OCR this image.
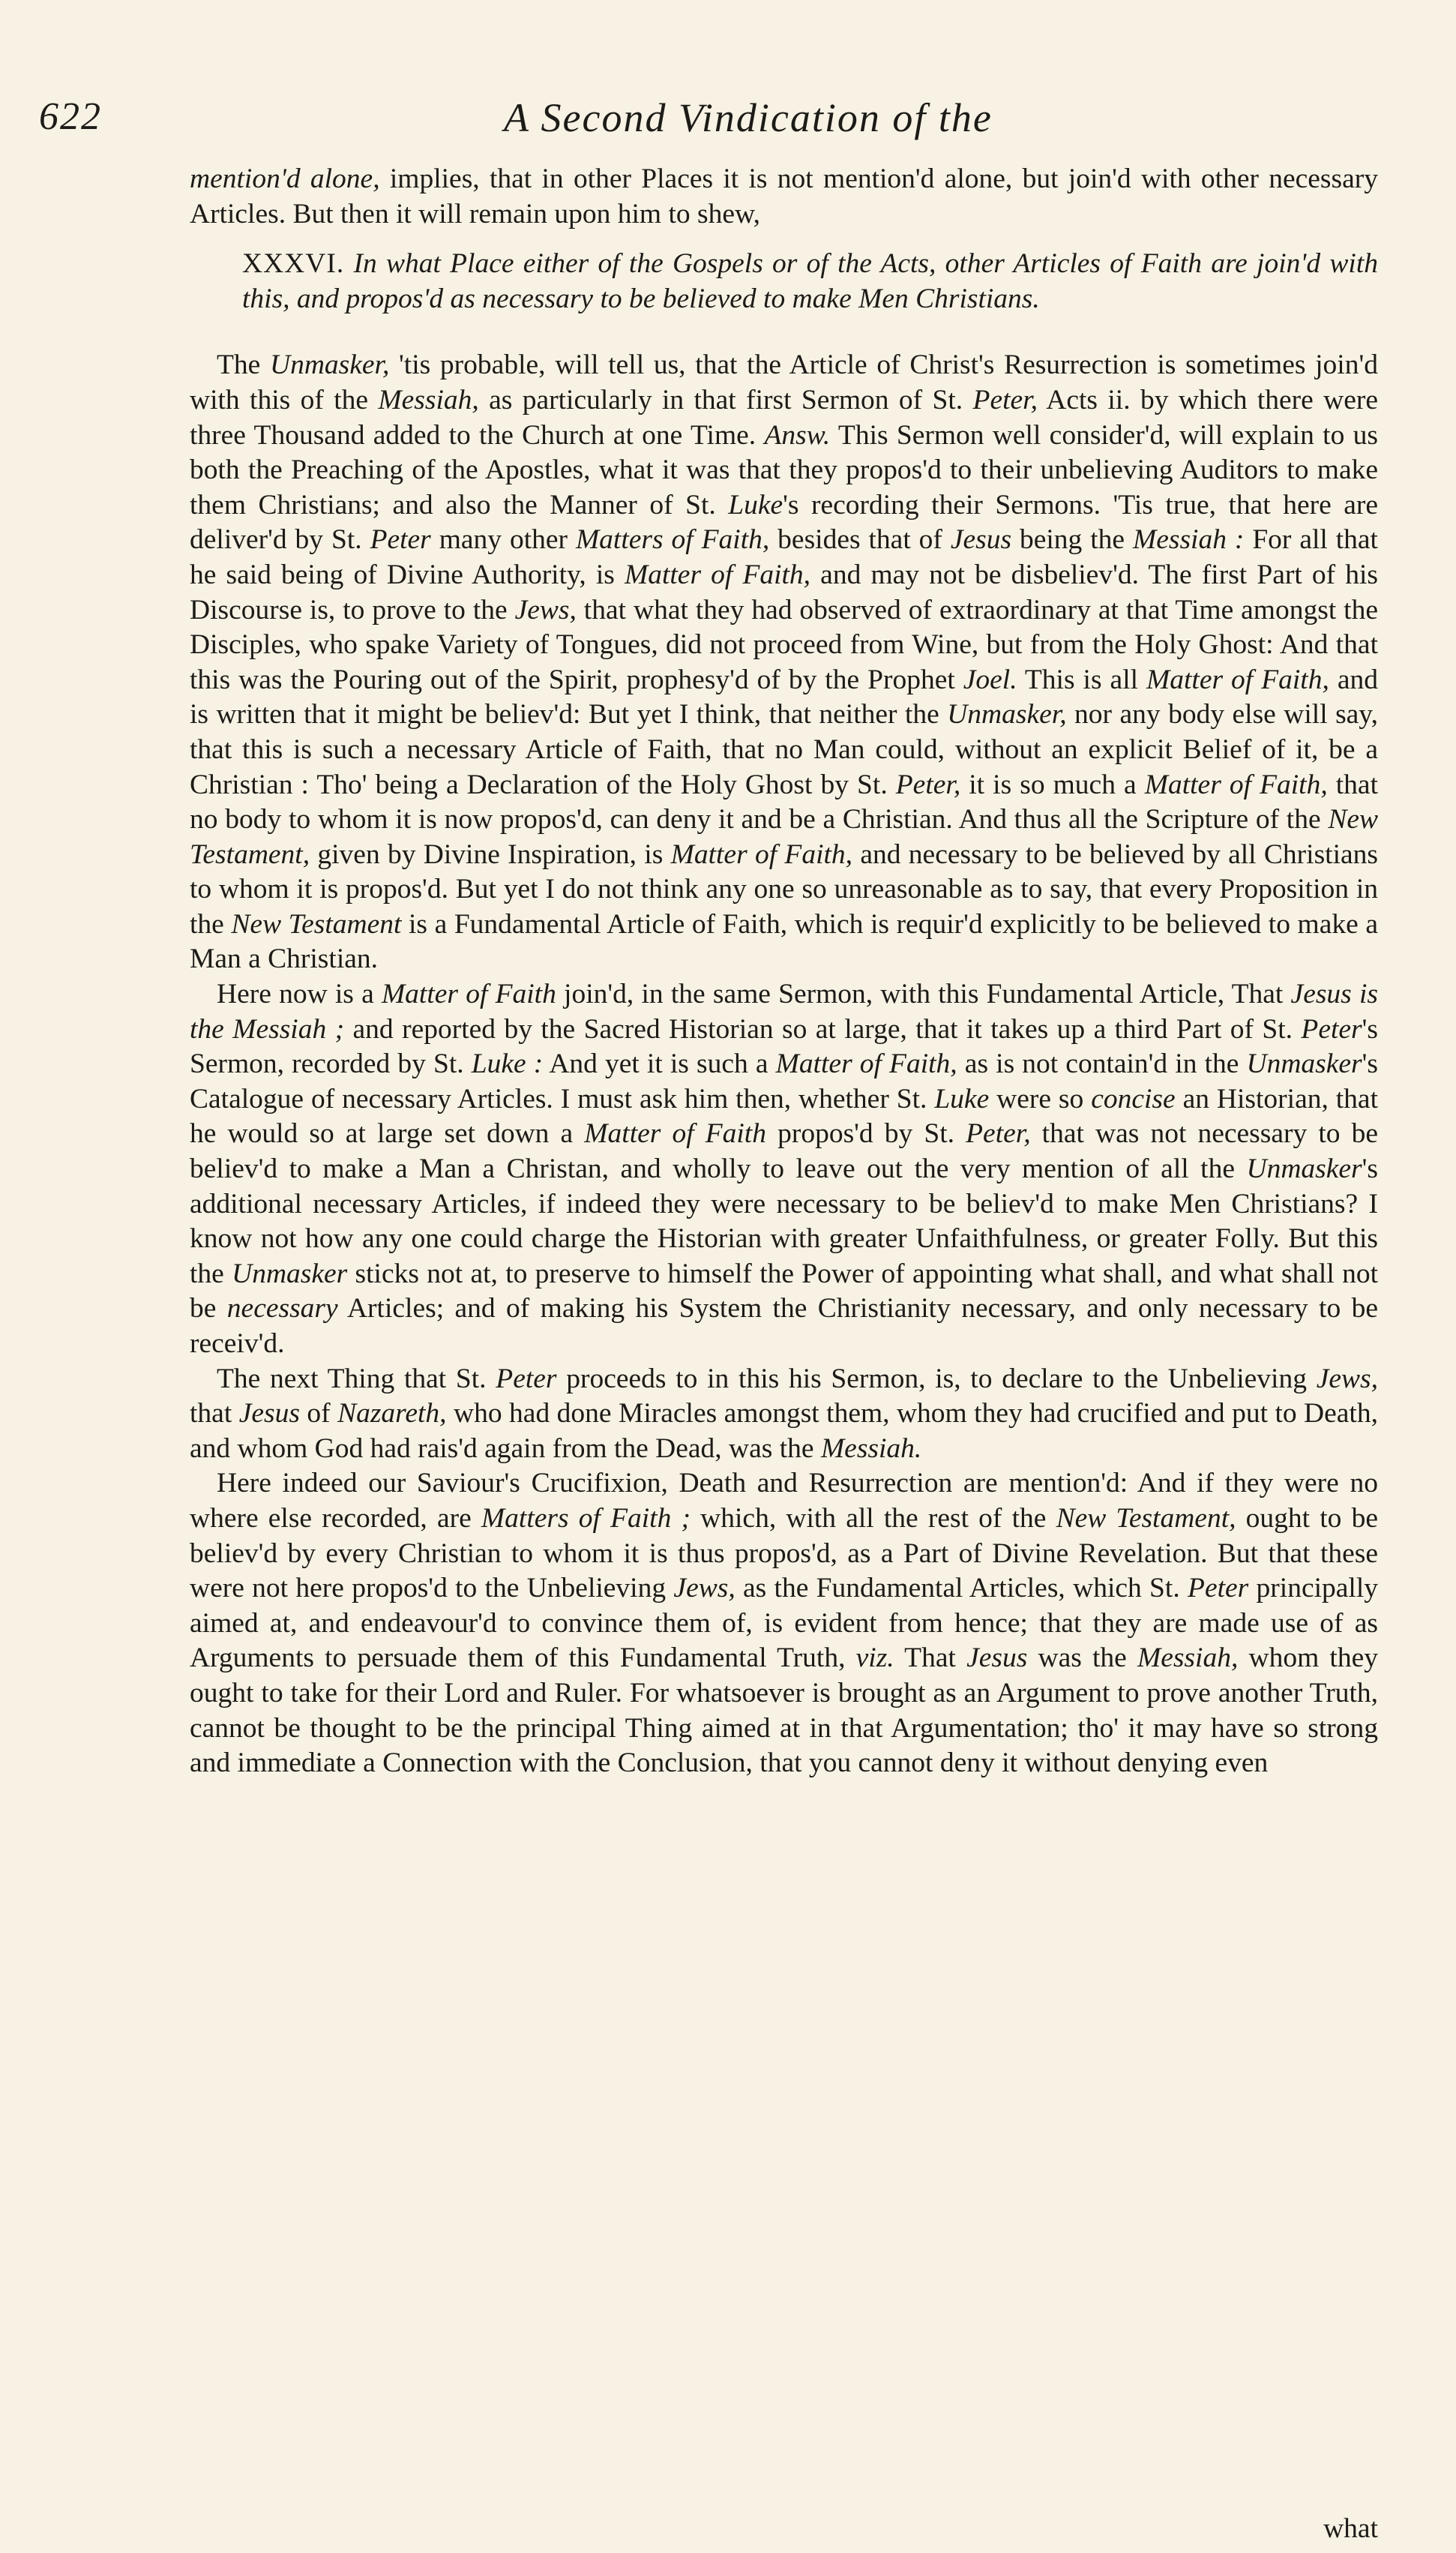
622	A Second Vindication of the

mention'd alone, implies, that in other Places it is not mention'd alone, but join'd with other necessary Articles. But then it will remain upon him to shew,

XXXVI. In what Place either of the Gospels or of the Acts, other Articles of Faith are join'd with this, and propos'd as necessary to be believed to make Men Christians.

The Unmasker, 'tis probable, will tell us, that the Article of Christ's Resurrection is sometimes join'd with this of the Messiah, as particularly in that first Sermon of St. Peter, Acts ii. by which there were three Thousand added to the Church at one Time. Answ. This Sermon well consider'd, will explain to us both the Preaching of the Apostles, what it was that they propos'd to their unbelieving Auditors to make them Christians; and also the Manner of St. Luke's recording their Sermons. 'Tis true, that here are deliver'd by St. Peter many other Matters of Faith, besides that of Jesus being the Messiah : For all that he said being of Divine Authority, is Matter of Faith, and may not be disbeliev'd. The first Part of his Discourse is, to prove to the Jews, that what they had observed of extraordinary at that Time amongst the Disciples, who spake Variety of Tongues, did not proceed from Wine, but from the Holy Ghost: And that this was the Pouring out of the Spirit, prophesy'd of by the Prophet Joel. This is all Matter of Faith, and is written that it might be believ'd: But yet I think, that neither the Unmasker, nor any body else will say, that this is such a necessary Article of Faith, that no Man could, without an explicit Belief of it, be a Christian : Tho' being a Declaration of the Holy Ghost by St. Peter, it is so much a Matter of Faith, that no body to whom it is now propos'd, can deny it and be a Christian. And thus all the Scripture of the New Testament, given by Divine Inspiration, is Matter of Faith, and necessary to be believed by all Christians to whom it is propos'd. But yet I do not think any one so unreasonable as to say, that every Proposition in the New Testament is a Fundamental Article of Faith, which is requir'd explicitly to be believed to make a Man a Christian.

Here now is a Matter of Faith join'd, in the same Sermon, with this Fundamental Article, That Jesus is the Messiah ; and reported by the Sacred Historian so at large, that it takes up a third Part of St. Peter's Sermon, recorded by St. Luke : And yet it is such a Matter of Faith, as is not contain'd in the Unmasker's Catalogue of necessary Articles. I must ask him then, whether St. Luke were so concise an Historian, that he would so at large set down a Matter of Faith propos'd by St. Peter, that was not necessary to be believ'd to make a Man a Christan, and wholly to leave out the very mention of all the Unmasker's additional necessary Articles, if indeed they were necessary to be believ'd to make Men Christians? I know not how any one could charge the Historian with greater Unfaithfulness, or greater Folly. But this the Unmasker sticks not at, to preserve to himself the Power of appointing what shall, and what shall not be necessary Articles; and of making his System the Christianity necessary, and only necessary to be receiv'd.

The next Thing that St. Peter proceeds to in this his Sermon, is, to declare to the Unbelieving Jews, that Jesus of Nazareth, who had done Miracles amongst them, whom they had crucified and put to Death, and whom God had rais'd again from the Dead, was the Messiah.

Here indeed our Saviour's Crucifixion, Death and Resurrection are mention'd: And if they were no where else recorded, are Matters of Faith ; which, with all the rest of the New Testament, ought to be believ'd by every Christian to whom it is thus propos'd, as a Part of Divine Revelation. But that these were not here propos'd to the Unbelieving Jews, as the Fundamental Articles, which St. Peter principally aimed at, and endeavour'd to convince them of, is evident from hence; that they are made use of as Arguments to persuade them of this Fundamental Truth, viz. That Jesus was the Messiah, whom they ought to take for their Lord and Ruler. For whatsoever is brought as an Argument to prove another Truth, cannot be thought to be the principal Thing aimed at in that Argumentation; tho' it may have so strong and immediate a Connection with the Conclusion, that you cannot deny it without denying even

what
